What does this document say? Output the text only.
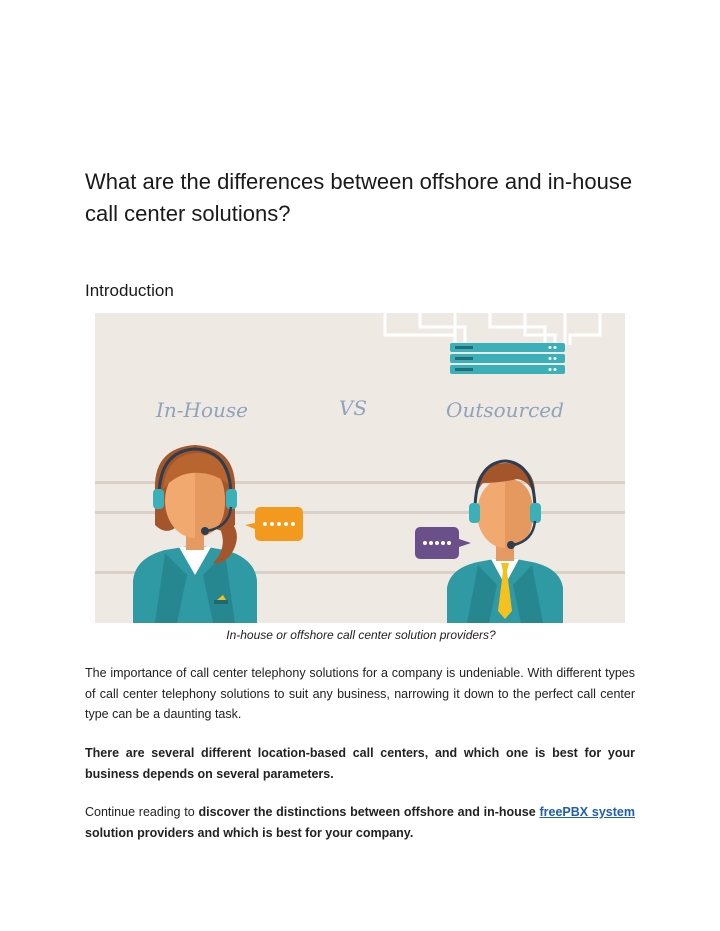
What are the differences between offshore and in-house call center solutions?
Introduction
In-House	VS	Outsourced
In-house or offshore call center solution providers?

The importance of call center telephony solutions for a company is undeniable. With different types of call center telephony solutions to suit any business, narrowing it down to the perfect call center type can be a daunting task.

There are several different location-based call centers, and which one is best for your business depends on several parameters.

Continue reading to discover the distinctions between offshore and in-house freePBX system solution providers and which is best for your company.
